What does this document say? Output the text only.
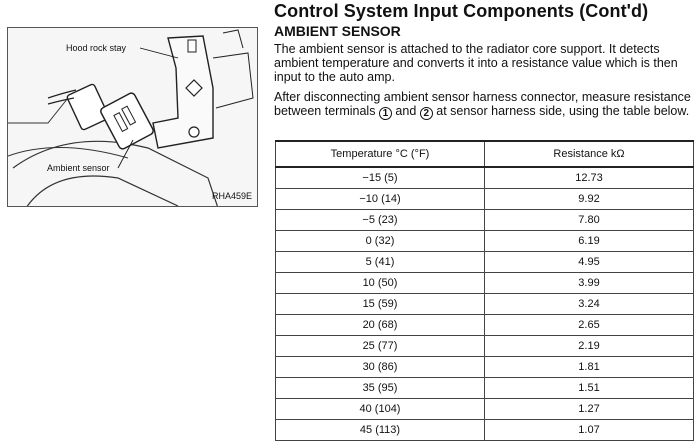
Hood rock stay
Ambient sensor
RHA459E
Control System Input Components (Cont'd)
AMBIENT SENSOR
The ambient sensor is attached to the radiator core support. It detects ambient temperature and converts it into a resistance value which is then input to the auto amp.
After disconnecting ambient sensor harness connector, measure resistance between terminals 1 and 2 at sensor harness side, using the table below.
Temperature °C (°F)	Resistance kΩ
−15 (5)	12.73
−10 (14)	9.92
−5 (23)	7.80
0 (32)	6.19
5 (41)	4.95
10 (50)	3.99
15 (59)	3.24
20 (68)	2.65
25 (77)	2.19
30 (86)	1.81
35 (95)	1.51
40 (104)	1.27
45 (113)	1.07
